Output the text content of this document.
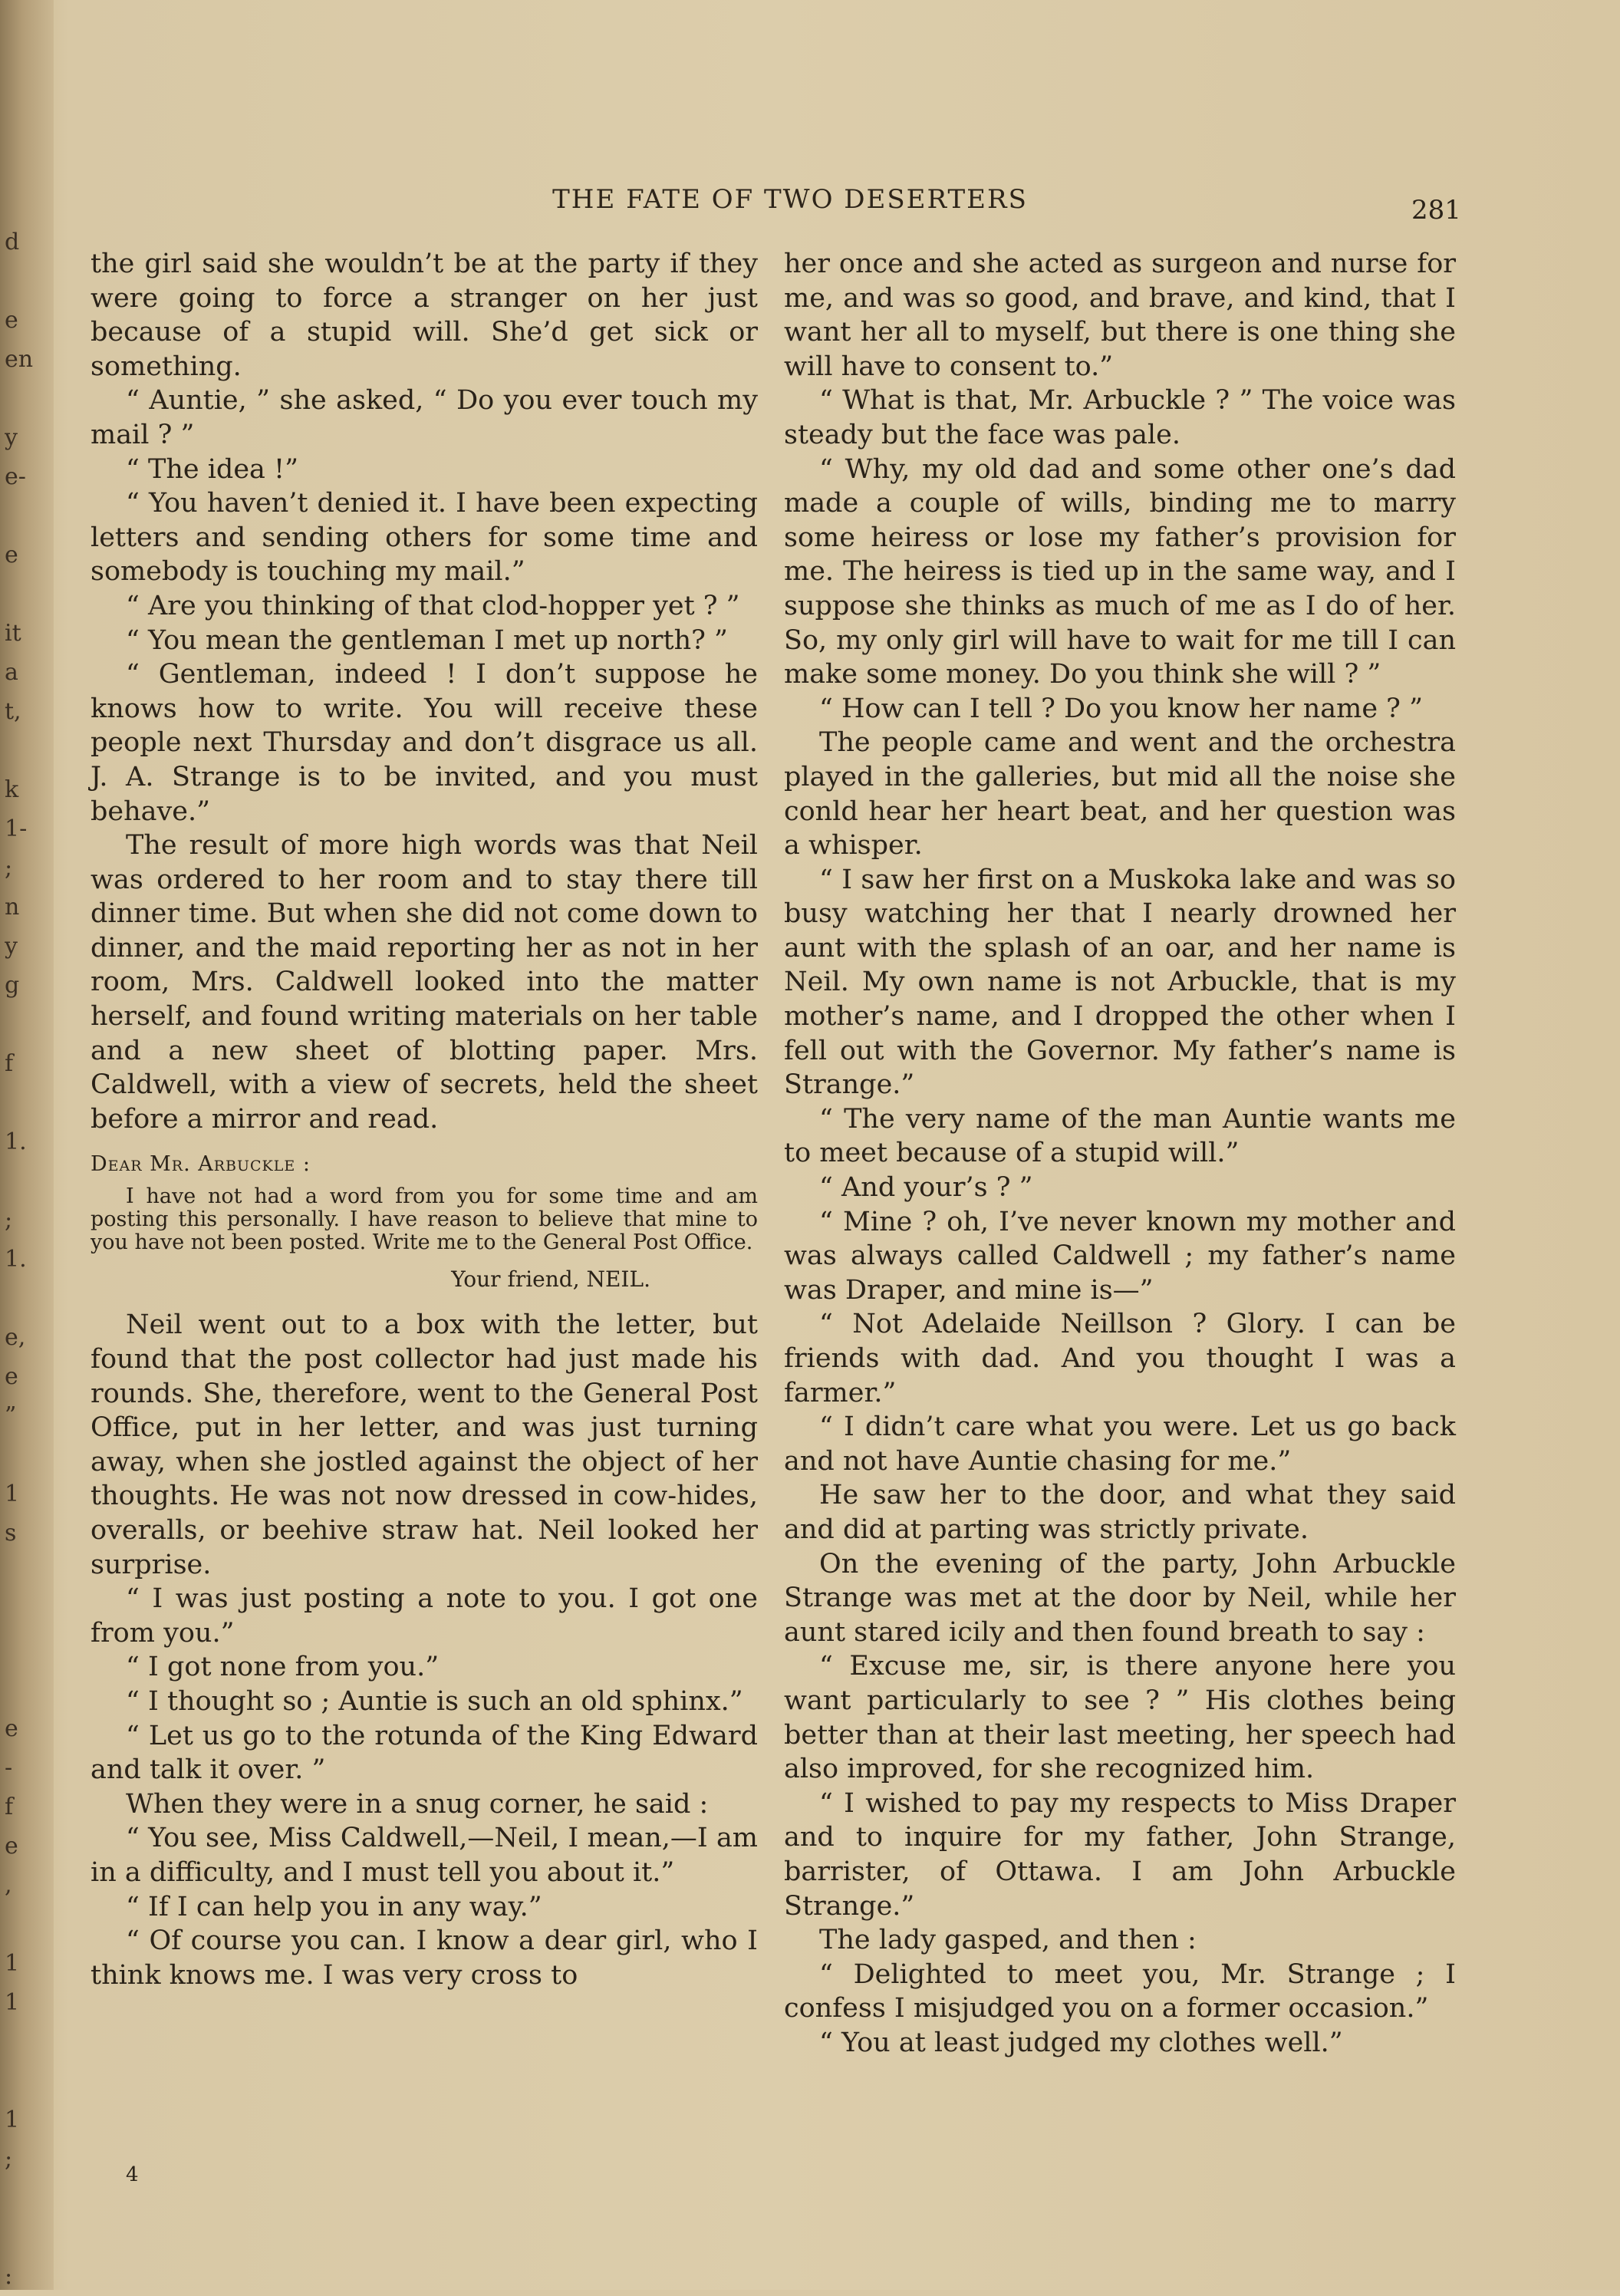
d
e
en
y
e-
e
it
a
t,
k
1-
;
n
y
g
f
1.
;
1.
e,
e
”
1
s
e
-
f
e
,
1
1
1
;
:
THE FATE OF TWO DESERTERS	281

the girl said she wouldn’t be at the party if they were going to force a stranger on her just because of a stupid will. She’d get sick or something.

“ Auntie, ” she asked, “ Do you ever touch my mail ? ”

“ The idea !”

“ You haven’t denied it. I have been expecting letters and sending others for some time and somebody is touching my mail.”

“ Are you thinking of that clod-hopper yet ? ”

“ You mean the gentleman I met up north? ”

“ Gentleman, indeed ! I don’t suppose he knows how to write. You will receive these people next Thursday and don’t disgrace us all. J. A. Strange is to be invited, and you must behave.”

The result of more high words was that Neil was ordered to her room and to stay there till dinner time. But when she did not come down to dinner, and the maid reporting her as not in her room, Mrs. Caldwell looked into the matter herself, and found writing materials on her table and a new sheet of blotting paper. Mrs. Caldwell, with a view of secrets, held the sheet before a mirror and read.

Dear Mr. Arbuckle :
I have not had a word from you for some time and am posting this personally. I have reason to believe that mine to you have not been posted. Write me to the General Post Office.
Your friend, NEIL.

Neil went out to a box with the letter, but found that the post collector had just made his rounds. She, therefore, went to the General Post Office, put in her letter, and was just turning away, when she jostled against the object of her thoughts. He was not now dressed in cow-hides, overalls, or beehive straw hat. Neil looked her surprise.

“ I was just posting a note to you. I got one from you.”

“ I got none from you.”

“ I thought so ; Auntie is such an old sphinx.”

“ Let us go to the rotunda of the King Edward and talk it over. ”

When they were in a snug corner, he said :

“ You see, Miss Caldwell,—Neil, I mean,—I am in a difficulty, and I must tell you about it.”

“ If I can help you in any way.”

“ Of course you can. I know a dear girl, who I think knows me. I was very cross to

her once and she acted as surgeon and nurse for me, and was so good, and brave, and kind, that I want her all to myself, but there is one thing she will have to consent to.”

“ What is that, Mr. Arbuckle ? ” The voice was steady but the face was pale.

“ Why, my old dad and some other one’s dad made a couple of wills, binding me to marry some heiress or lose my father’s provision for me. The heiress is tied up in the same way, and I suppose she thinks as much of me as I do of her. So, my only girl will have to wait for me till I can make some money. Do you think she will ? ”

“ How can I tell ? Do you know her name ? ”

The people came and went and the orchestra played in the galleries, but mid all the noise she conld hear her heart beat, and her question was a whisper.

“ I saw her first on a Muskoka lake and was so busy watching her that I nearly drowned her aunt with the splash of an oar, and her name is Neil. My own name is not Arbuckle, that is my mother’s name, and I dropped the other when I fell out with the Governor. My father’s name is Strange.”

“ The very name of the man Auntie wants me to meet because of a stupid will.”

“ And your’s ? ”

“ Mine ? oh, I’ve never known my mother and was always called Caldwell ; my father’s name was Draper, and mine is—”

“ Not Adelaide Neillson ? Glory. I can be friends with dad. And you thought I was a farmer.”

“ I didn’t care what you were. Let us go back and not have Auntie chasing for me.”

He saw her to the door, and what they said and did at parting was strictly private.

On the evening of the party, John Arbuckle Strange was met at the door by Neil, while her aunt stared icily and then found breath to say :

“ Excuse me, sir, is there anyone here you want particularly to see ? ” His clothes being better than at their last meeting, her speech had also improved, for she recognized him.

“ I wished to pay my respects to Miss Draper and to inquire for my father, John Strange, barrister, of Ottawa. I am John Arbuckle Strange.”

The lady gasped, and then :

“ Delighted to meet you, Mr. Strange ; I confess I misjudged you on a former occasion.”

“ You at least judged my clothes well.”

4
